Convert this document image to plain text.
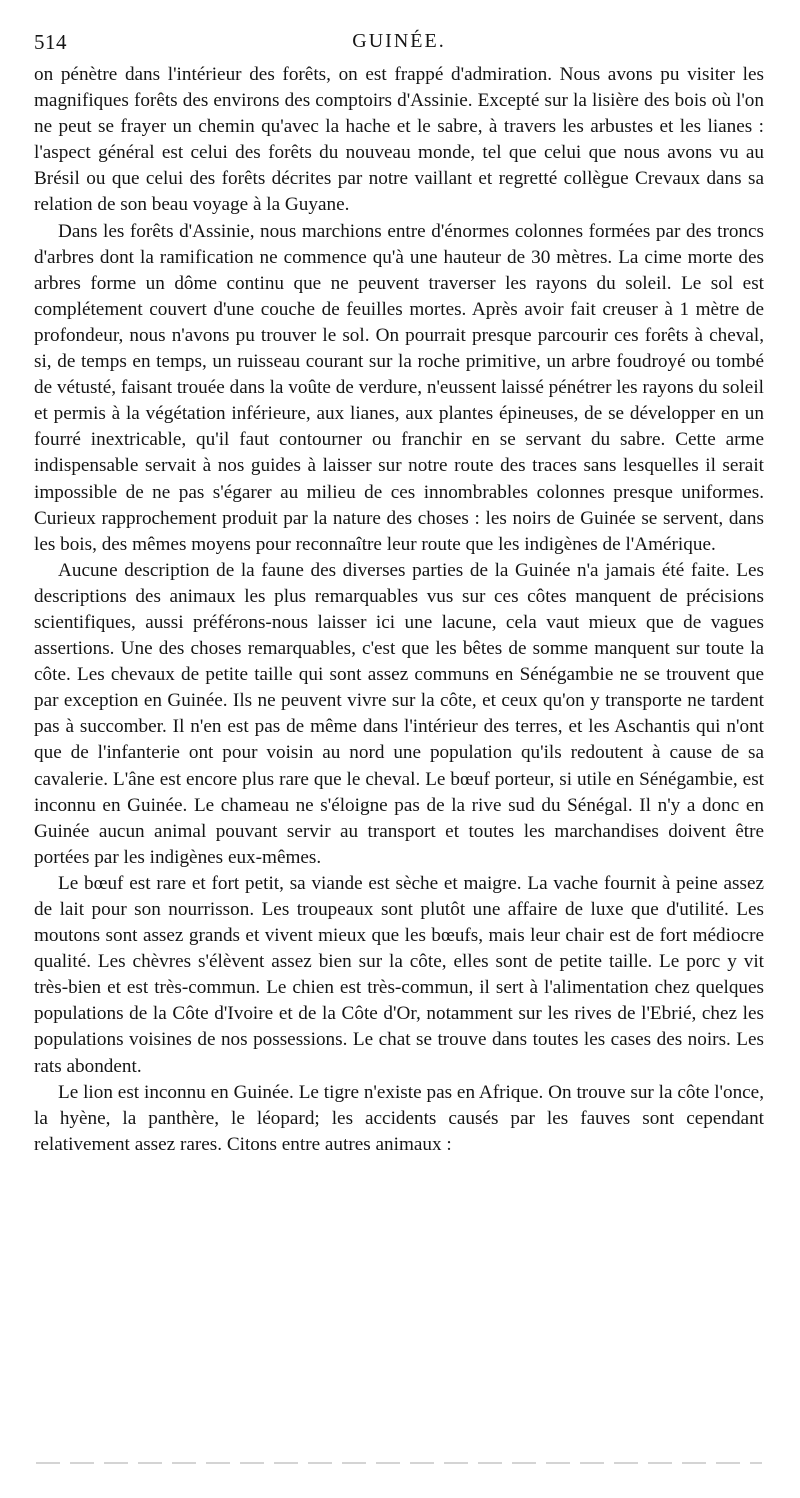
514	GUINÉE.

on pénètre dans l'intérieur des forêts, on est frappé d'admiration. Nous avons pu visiter les magnifiques forêts des environs des comptoirs d'Assinie. Excepté sur la lisière des bois où l'on ne peut se frayer un chemin qu'avec la hache et le sabre, à travers les arbustes et les lianes : l'aspect général est celui des forêts du nouveau monde, tel que celui que nous avons vu au Brésil ou que celui des forêts décrites par notre vaillant et regretté collègue Crevaux dans sa relation de son beau voyage à la Guyane.

Dans les forêts d'Assinie, nous marchions entre d'énormes colonnes formées par des troncs d'arbres dont la ramification ne commence qu'à une hauteur de 30 mètres. La cime morte des arbres forme un dôme continu que ne peuvent traverser les rayons du soleil. Le sol est complétement couvert d'une couche de feuilles mortes. Après avoir fait creuser à 1 mètre de profondeur, nous n'avons pu trouver le sol. On pourrait presque parcourir ces forêts à cheval, si, de temps en temps, un ruisseau courant sur la roche primitive, un arbre foudroyé ou tombé de vétusté, faisant trouée dans la voûte de verdure, n'eussent laissé pénétrer les rayons du soleil et permis à la végétation inférieure, aux lianes, aux plantes épineuses, de se développer en un fourré inextricable, qu'il faut contourner ou franchir en se servant du sabre. Cette arme indispensable servait à nos guides à laisser sur notre route des traces sans lesquelles il serait impossible de ne pas s'égarer au milieu de ces innombrables colonnes presque uniformes. Curieux rapprochement produit par la nature des choses : les noirs de Guinée se servent, dans les bois, des mêmes moyens pour reconnaître leur route que les indigènes de l'Amérique.

Aucune description de la faune des diverses parties de la Guinée n'a jamais été faite. Les descriptions des animaux les plus remarquables vus sur ces côtes manquent de précisions scientifiques, aussi préférons-nous laisser ici une lacune, cela vaut mieux que de vagues assertions. Une des choses remarquables, c'est que les bêtes de somme manquent sur toute la côte. Les chevaux de petite taille qui sont assez communs en Sénégambie ne se trouvent que par exception en Guinée. Ils ne peuvent vivre sur la côte, et ceux qu'on y transporte ne tardent pas à succomber. Il n'en est pas de même dans l'intérieur des terres, et les Aschantis qui n'ont que de l'infanterie ont pour voisin au nord une population qu'ils redoutent à cause de sa cavalerie. L'âne est encore plus rare que le cheval. Le bœuf porteur, si utile en Sénégambie, est inconnu en Guinée. Le chameau ne s'éloigne pas de la rive sud du Sénégal. Il n'y a donc en Guinée aucun animal pouvant servir au transport et toutes les marchandises doivent être portées par les indigènes eux-mêmes.

Le bœuf est rare et fort petit, sa viande est sèche et maigre. La vache fournit à peine assez de lait pour son nourrisson. Les troupeaux sont plutôt une affaire de luxe que d'utilité. Les moutons sont assez grands et vivent mieux que les bœufs, mais leur chair est de fort médiocre qualité. Les chèvres s'élèvent assez bien sur la côte, elles sont de petite taille. Le porc y vit très-bien et est très-commun. Le chien est très-commun, il sert à l'alimentation chez quelques populations de la Côte d'Ivoire et de la Côte d'Or, notamment sur les rives de l'Ebrié, chez les populations voisines de nos possessions. Le chat se trouve dans toutes les cases des noirs. Les rats abondent.

Le lion est inconnu en Guinée. Le tigre n'existe pas en Afrique. On trouve sur la côte l'once, la hyène, la panthère, le léopard; les accidents causés par les fauves sont cependant relativement assez rares. Citons entre autres animaux :
